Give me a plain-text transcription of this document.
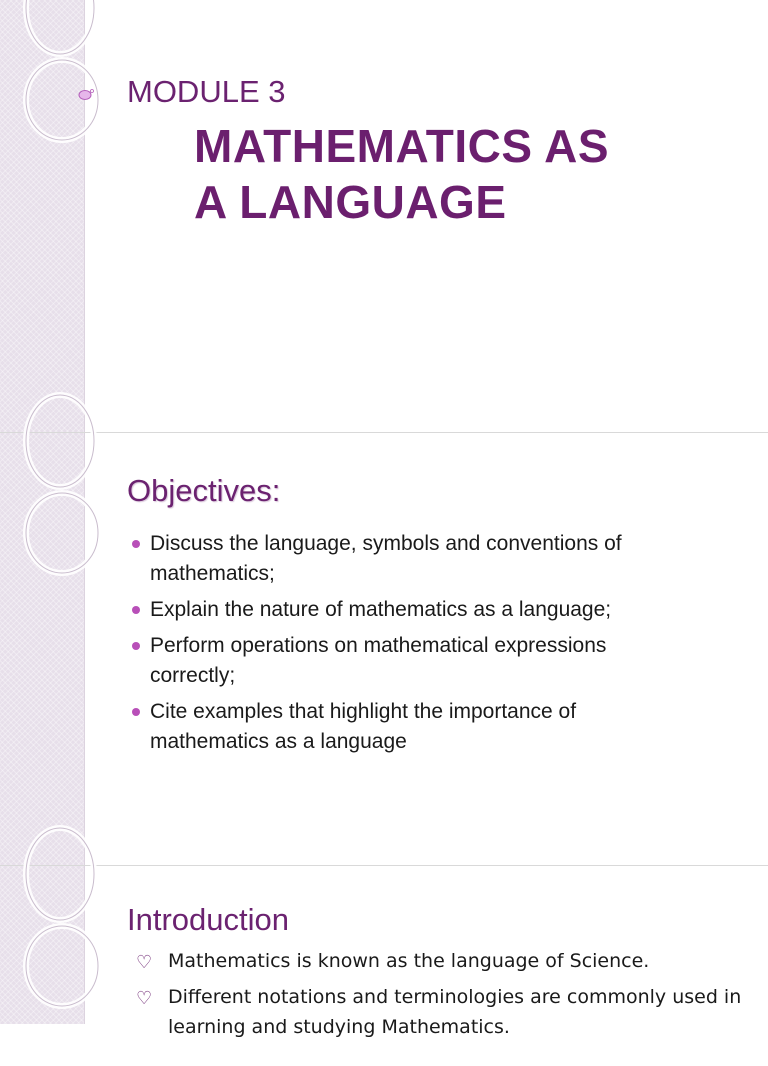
MODULE 3
MATHEMATICS AS
A LANGUAGE
Objectives:
Discuss the language, symbols and conventions of mathematics;
Explain the nature of mathematics as a language;
Perform operations on mathematical expressions correctly;
Cite examples that highlight the importance of mathematics as a language
Introduction
♡ Mathematics is known as the language of Science.
♡ Different notations and terminologies are commonly used in learning and studying Mathematics.
